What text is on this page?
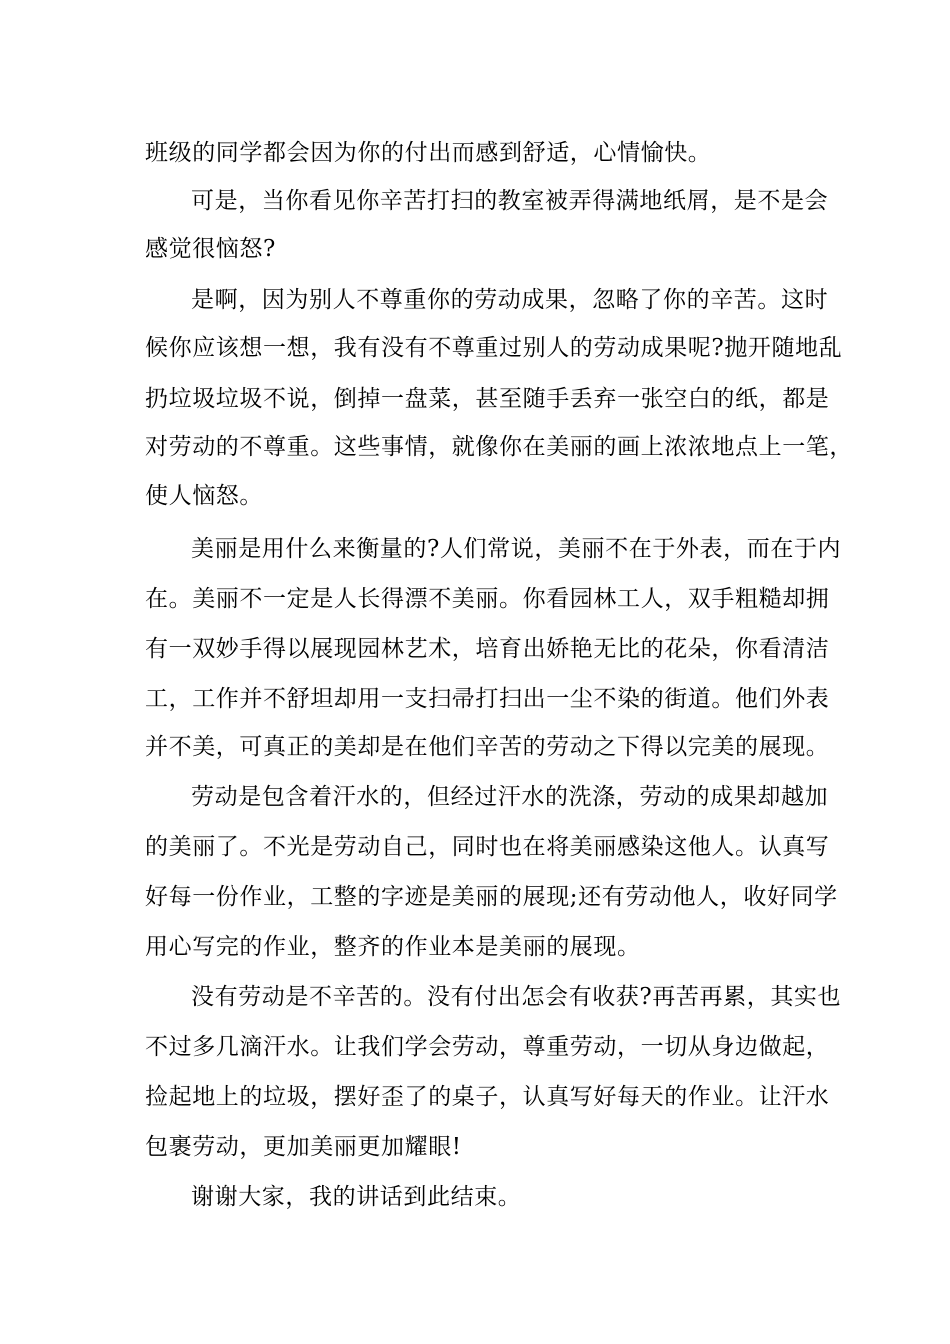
班级的同学都会因为你的付出而感到舒适，心情愉快。
可是，当你看见你辛苦打扫的教室被弄得满地纸屑，是不是会
感觉很恼怒?
是啊，因为别人不尊重你的劳动成果，忽略了你的辛苦。这时
候你应该想一想，我有没有不尊重过别人的劳动成果呢?抛开随地乱
扔垃圾垃圾不说，倒掉一盘菜，甚至随手丢弃一张空白的纸，都是
对劳动的不尊重。这些事情，就像你在美丽的画上浓浓地点上一笔，
使人恼怒。
美丽是用什么来衡量的?人们常说，美丽不在于外表，而在于内
在。美丽不一定是人长得漂不美丽。你看园林工人，双手粗糙却拥
有一双妙手得以展现园林艺术，培育出娇艳无比的花朵，你看清洁
工，工作并不舒坦却用一支扫帚打扫出一尘不染的街道。他们外表
并不美，可真正的美却是在他们辛苦的劳动之下得以完美的展现。
劳动是包含着汗水的，但经过汗水的洗涤，劳动的成果却越加
的美丽了。不光是劳动自己，同时也在将美丽感染这他人。认真写
好每一份作业，工整的字迹是美丽的展现;还有劳动他人，收好同学
用心写完的作业，整齐的作业本是美丽的展现。
没有劳动是不辛苦的。没有付出怎会有收获?再苦再累，其实也
不过多几滴汗水。让我们学会劳动，尊重劳动，一切从身边做起，
捡起地上的垃圾，摆好歪了的桌子，认真写好每天的作业。让汗水
包裹劳动，更加美丽更加耀眼!
谢谢大家，我的讲话到此结束。
